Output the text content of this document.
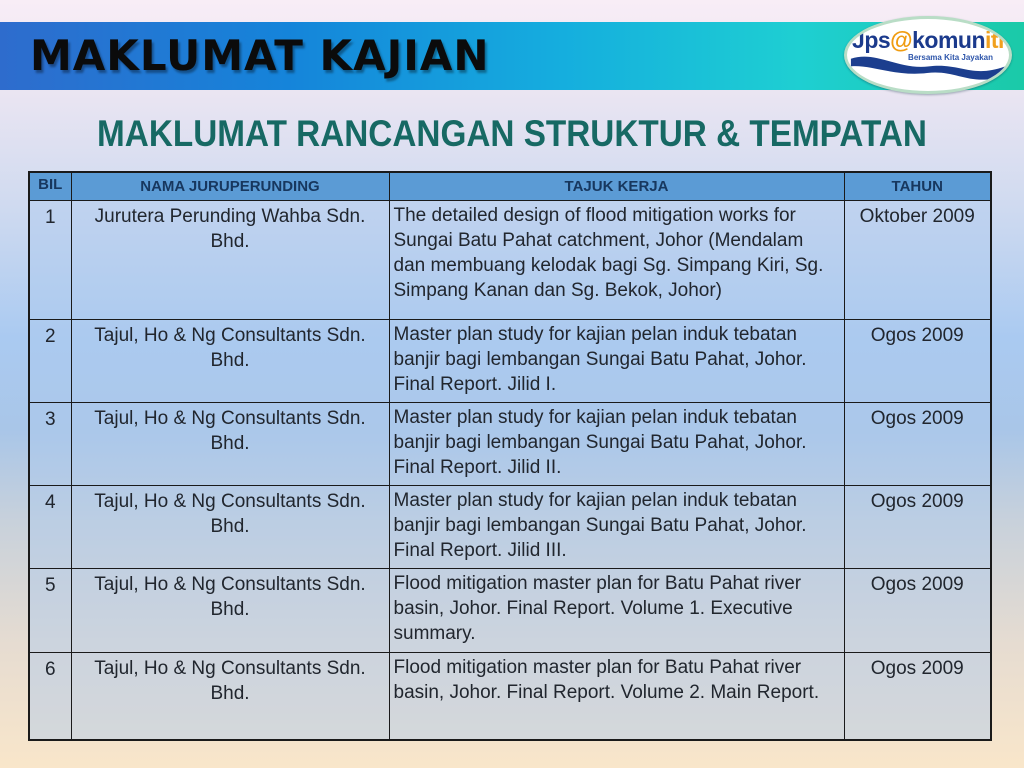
MAKLUMAT KAJIAN	Jps@komuniti
Bersama Kita Jayakan
MAKLUMAT RANCANGAN STRUKTUR & TEMPATAN
BIL	NAMA JURUPERUNDING	TAJUK KERJA	TAHUN
1	Jurutera Perunding Wahba Sdn. Bhd.	The detailed design of flood mitigation works for Sungai Batu Pahat catchment, Johor (Mendalam dan membuang kelodak bagi Sg. Simpang Kiri, Sg. Simpang Kanan dan Sg. Bekok, Johor)	Oktober 2009
2	Tajul, Ho & Ng Consultants Sdn. Bhd.	Master plan study for kajian pelan induk tebatan banjir bagi lembangan Sungai Batu Pahat, Johor. Final Report. Jilid I.	Ogos 2009
3	Tajul, Ho & Ng Consultants Sdn. Bhd.	Master plan study for kajian pelan induk tebatan banjir bagi lembangan Sungai Batu Pahat, Johor. Final Report. Jilid II.	Ogos 2009
4	Tajul, Ho & Ng Consultants Sdn. Bhd.	Master plan study for kajian pelan induk tebatan banjir bagi lembangan Sungai Batu Pahat, Johor. Final Report. Jilid III.	Ogos 2009
5	Tajul, Ho & Ng Consultants Sdn. Bhd.	Flood mitigation master plan for Batu Pahat river basin, Johor. Final Report. Volume 1. Executive summary.	Ogos 2009
6	Tajul, Ho & Ng Consultants Sdn. Bhd.	Flood mitigation master plan for Batu Pahat river basin, Johor. Final Report. Volume 2. Main Report.	Ogos 2009
